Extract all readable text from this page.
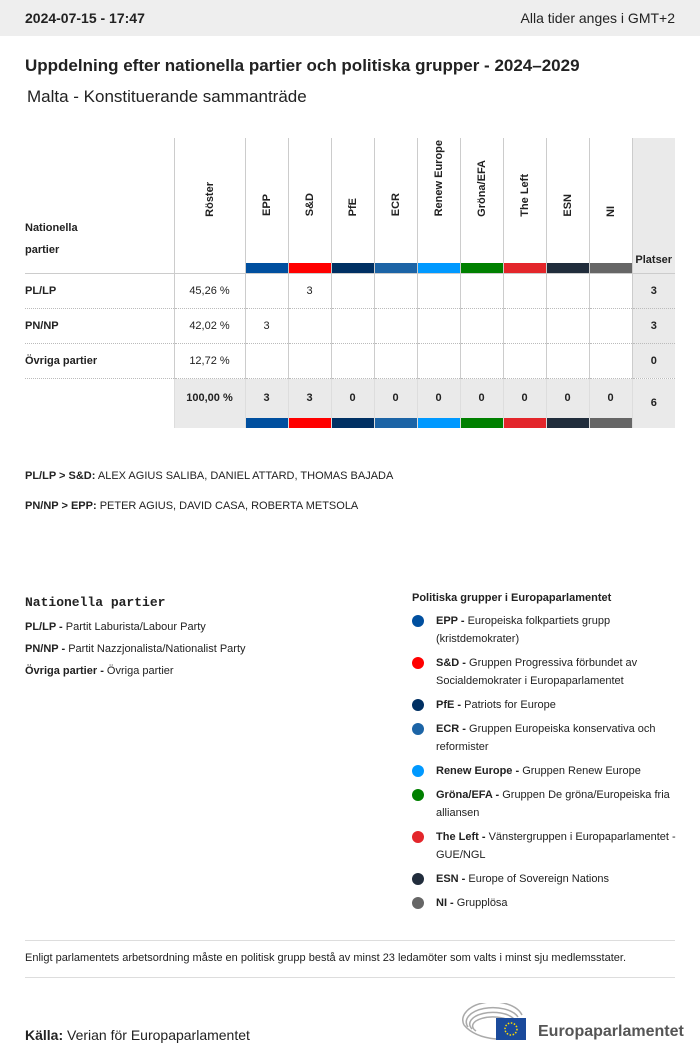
2024-07-15 - 17:47	Alla tider anges i GMT+2
Uppdelning efter nationella partier och politiska grupper - 2024–2029
Malta - Konstituerande sammanträde
Nationella partier	Röster	EPP	S&D	PfE	ECR	Renew Europe	Gröna/EFA	The Left	ESN	NI	Platser
PL/LP	45,26 %		3								3
PN/NP	42,02 %	3									3
Övriga partier	12,72 %										0
	100,00 %	3	3	0	0	0	0	0	0	0	6
PL/LP > S&D: ALEX AGIUS SALIBA, DANIEL ATTARD, THOMAS BAJADA
PN/NP > EPP: PETER AGIUS, DAVID CASA, ROBERTA METSOLA
Nationella partier
PL/LP - Partit Laburista/Labour Party
PN/NP - Partit Nazzjonalista/Nationalist Party
Övriga partier - Övriga partier
Politiska grupper i Europaparlamentet
EPP - Europeiska folkpartiets grupp (kristdemokrater)
S&D - Gruppen Progressiva förbundet av Socialdemokrater i Europaparlamentet
PfE - Patriots for Europe
ECR - Gruppen Europeiska konservativa och reformister
Renew Europe - Gruppen Renew Europe
Gröna/EFA - Gruppen De gröna/Europeiska fria alliansen
The Left - Vänstergruppen i Europaparlamentet - GUE/NGL
ESN - Europe of Sovereign Nations
NI - Grupplösa
Enligt parlamentets arbetsordning måste en politisk grupp bestå av minst 23 ledamöter som valts i minst sju medlemsstater.
Källa: Verian för Europaparlamentet	Europaparlamentet
